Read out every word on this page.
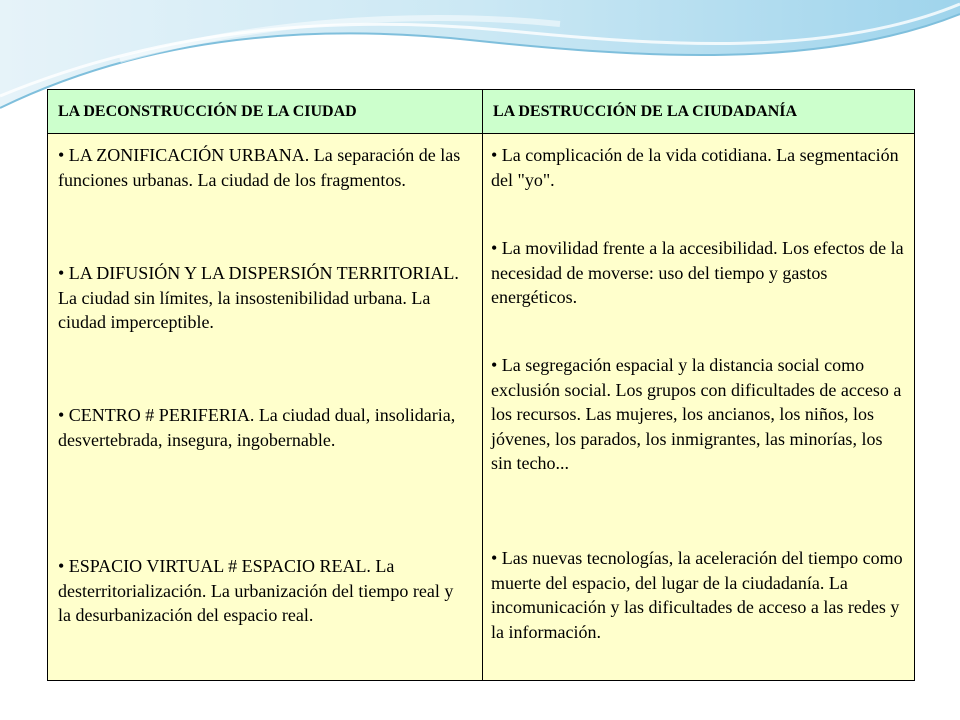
LA DECONSTRUCCIÓN DE LA CIUDAD	LA DESTRUCCIÓN DE LA CIUDADANÍA

• LA ZONIFICACIÓN URBANA. La separación de las funciones urbanas. La ciudad de los fragmentos.

• LA DIFUSIÓN Y LA DISPERSIÓN TERRITORIAL. La ciudad sin límites, la insostenibilidad urbana. La ciudad imperceptible.

• CENTRO # PERIFERIA. La ciudad dual, insolidaria, desvertebrada, insegura, ingobernable.

• ESPACIO VIRTUAL # ESPACIO REAL. La desterritorialización. La urbanización del tiempo real y la desurbanización del espacio real.

• La complicación de la vida cotidiana. La segmentación del "yo".

• La movilidad frente a la accesibilidad. Los efectos de la necesidad de moverse: uso del tiempo y gastos energéticos.

• La segregación espacial y la distancia social como exclusión social. Los grupos con dificultades de acceso a los recursos. Las mujeres, los ancianos, los niños, los jóvenes, los parados, los inmigrantes, las minorías, los sin techo...

• Las nuevas tecnologías, la aceleración del tiempo como muerte del espacio, del lugar de la ciudadanía. La incomunicación y las dificultades de acceso a las redes y la información.
